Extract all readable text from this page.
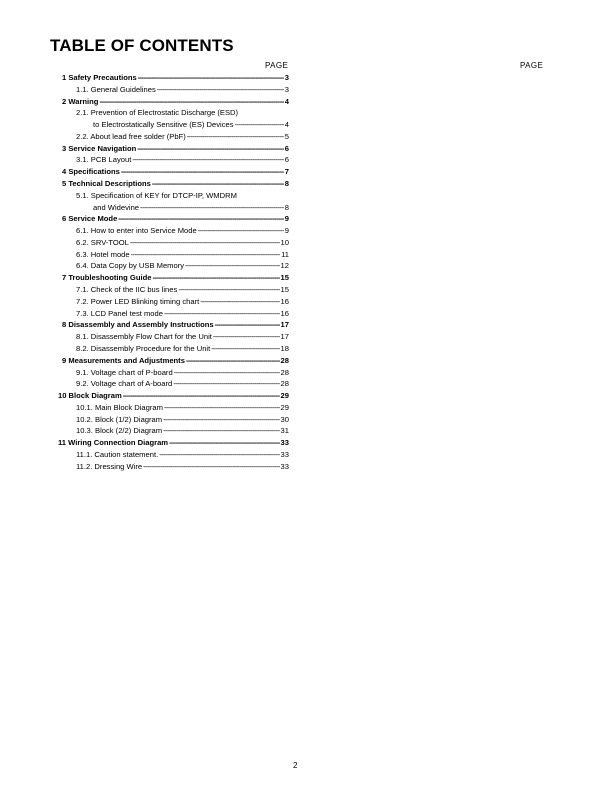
TABLE OF CONTENTS
PAGE	PAGE
1 Safety Precautions -----	3
1.1. General Guidelines -----	3
2 Warning -----	4
2.1. Prevention of Electrostatic Discharge (ESD)
to Electrostatically Sensitive (ES) Devices -----	4
2.2. About lead free solder (PbF) -----	5
3 Service Navigation -----	6
3.1. PCB Layout -----	6
4 Specifications -----	7
5 Technical Descriptions -----	8
5.1. Specification of KEY for DTCP-IP, WMDRM
and Widevine -----	8
6 Service Mode -----	9
6.1. How to enter into Service Mode -----	9
6.2. SRV-TOOL -----	10
6.3. Hotel mode -----	11
6.4. Data Copy by USB Memory -----	12
7 Troubleshooting Guide -----	15
7.1. Check of the IIC bus lines -----	15
7.2. Power LED Blinking timing chart -----	16
7.3. LCD Panel test mode -----	16
8 Disassembly and Assembly Instructions -----	17
8.1. Disassembly Flow Chart for the Unit -----	17
8.2. Disassembly Procedure for the Unit -----	18
9 Measurements and Adjustments -----	28
9.1. Voltage chart of P-board -----	28
9.2. Voltage chart of A-board -----	28
10 Block Diagram -----	29
10.1. Main Block Diagram -----	29
10.2. Block (1/2) Diagram -----	30
10.3. Block (2/2) Diagram -----	31
11 Wiring Connection Diagram -----	33
11.1. Caution statement. -----	33
11.2. Dressing Wire -----	33
2
